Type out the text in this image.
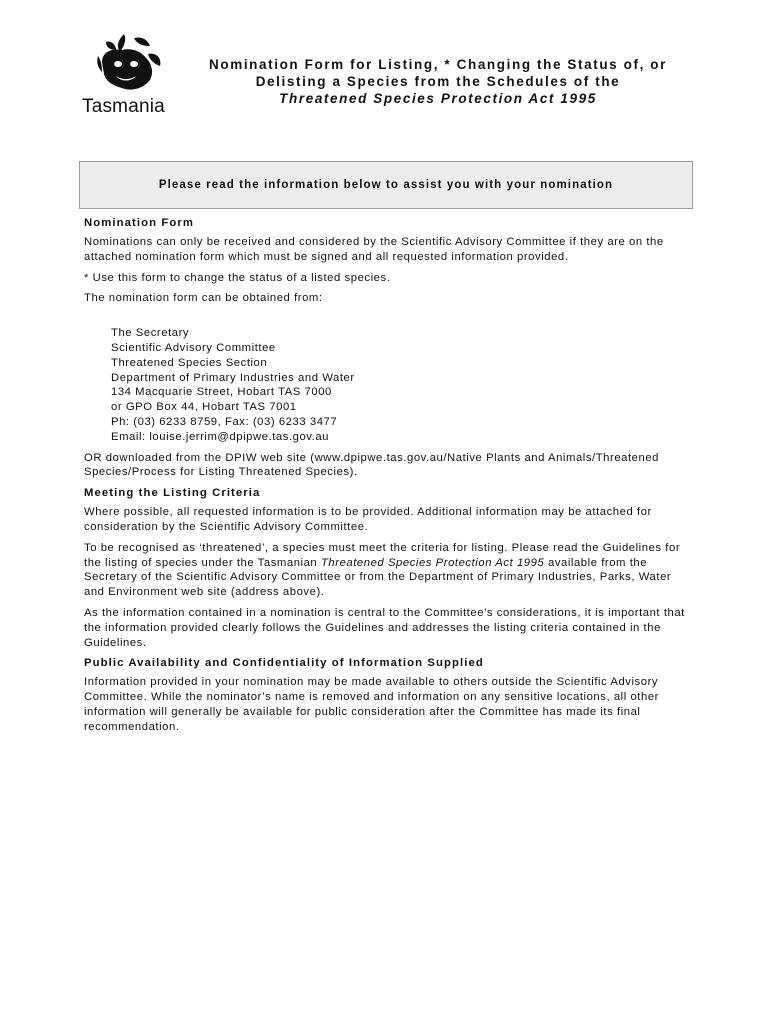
Tasmania
Nomination Form for Listing, * Changing the Status of, or
Delisting a Species from the Schedules of the
Threatened Species Protection Act 1995
Please read the information below to assist you with your nomination
Nomination Form

Nominations can only be received and considered by the Scientific Advisory Committee if they are on the attached nomination form which must be signed and all requested information provided.

* Use this form to change the status of a listed species.

The nomination form can be obtained from:

The Secretary
Scientific Advisory Committee
Threatened Species Section
Department of Primary Industries and Water
134 Macquarie Street, Hobart TAS 7000
or GPO Box 44, Hobart TAS 7001
Ph: (03) 6233 8759, Fax: (03) 6233 3477
Email: louise.jerrim@dpipwe.tas.gov.au

OR downloaded from the DPIW web site (www.dpipwe.tas.gov.au/Native Plants and Animals/Threatened Species/Process for Listing Threatened Species).

Meeting the Listing Criteria

Where possible, all requested information is to be provided. Additional information may be attached for consideration by the Scientific Advisory Committee.

To be recognised as ‘threatened’, a species must meet the criteria for listing. Please read the Guidelines for the listing of species under the Tasmanian Threatened Species Protection Act 1995 available from the Secretary of the Scientific Advisory Committee or from the Department of Primary Industries, Parks, Water and Environment web site (address above).

As the information contained in a nomination is central to the Committee’s considerations, it is important that the information provided clearly follows the Guidelines and addresses the listing criteria contained in the Guidelines.

Public Availability and Confidentiality of Information Supplied

Information provided in your nomination may be made available to others outside the Scientific Advisory Committee. While the nominator’s name is removed and information on any sensitive locations, all other information will generally be available for public consideration after the Committee has made its final recommendation.
